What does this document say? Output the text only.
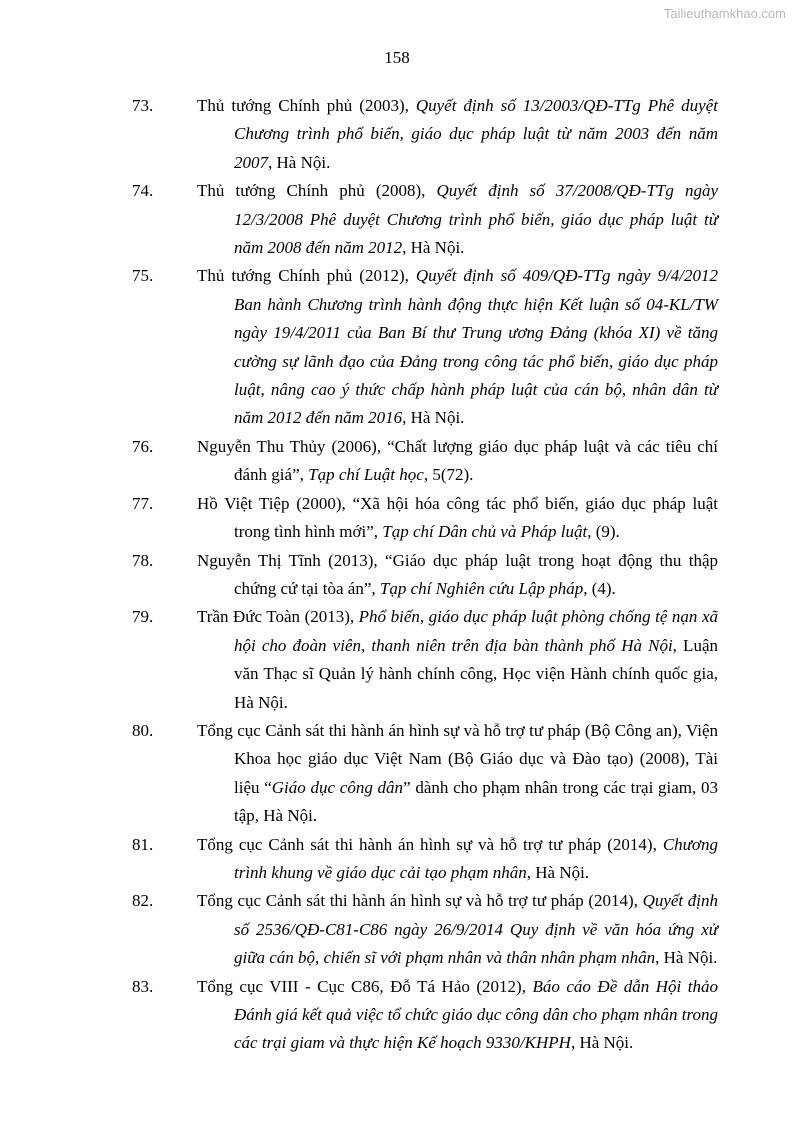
Tailieuthamkhao.com
158
73.	Thủ tướng Chính phủ (2003), Quyết định số 13/2003/QĐ-TTg Phê duyệt Chương trình phổ biến, giáo dục pháp luật từ năm 2003 đến năm 2007, Hà Nội.
74.	Thủ tướng Chính phủ (2008), Quyết định số 37/2008/QĐ-TTg ngày 12/3/2008 Phê duyệt Chương trình phổ biến, giáo dục pháp luật từ năm 2008 đến năm 2012, Hà Nội.
75.	Thủ tướng Chính phủ (2012), Quyết định số 409/QĐ-TTg ngày 9/4/2012 Ban hành Chương trình hành động thực hiện Kết luận số 04-KL/TW ngày 19/4/2011 của Ban Bí thư Trung ương Đảng (khóa XI) về tăng cường sự lãnh đạo của Đảng trong công tác phổ biến, giáo dục pháp luật, nâng cao ý thức chấp hành pháp luật của cán bộ, nhân dân từ năm 2012 đến năm 2016, Hà Nội.
76.	Nguyễn Thu Thủy (2006), “Chất lượng giáo dục pháp luật và các tiêu chí đánh giá”, Tạp chí Luật học, 5(72).
77.	Hồ Việt Tiệp (2000), “Xã hội hóa công tác phổ biến, giáo dục pháp luật trong tình hình mới”, Tạp chí Dân chủ và Pháp luật, (9).
78.	Nguyễn Thị Tĩnh (2013), “Giáo dục pháp luật trong hoạt động thu thập chứng cứ tại tòa án”, Tạp chí Nghiên cứu Lập pháp, (4).
79.	Trần Đức Toàn (2013), Phổ biến, giáo dục pháp luật phòng chống tệ nạn xã hội cho đoàn viên, thanh niên trên địa bàn thành phố Hà Nội, Luận văn Thạc sĩ Quản lý hành chính công, Học viện Hành chính quốc gia, Hà Nội.
80.	Tổng cục Cảnh sát thi hành án hình sự và hỗ trợ tư pháp (Bộ Công an), Viện Khoa học giáo dục Việt Nam (Bộ Giáo dục và Đào tạo) (2008), Tài liệu “Giáo dục công dân” dành cho phạm nhân trong các trại giam, 03 tập, Hà Nội.
81.	Tổng cục Cảnh sát thi hành án hình sự và hỗ trợ tư pháp (2014), Chương trình khung về giáo dục cải tạo phạm nhân, Hà Nội.
82.	Tổng cục Cảnh sát thi hành án hình sự và hỗ trợ tư pháp (2014), Quyết định số 2536/QĐ-C81-C86 ngày 26/9/2014 Quy định về văn hóa ứng xử giữa cán bộ, chiến sĩ với phạm nhân và thân nhân phạm nhân, Hà Nội.
83.	Tổng cục VIII - Cục C86, Đỗ Tá Hảo (2012), Báo cáo Đề dẫn Hội thảo Đánh giá kết quả việc tổ chức giáo dục công dân cho phạm nhân trong các trại giam và thực hiện Kế hoạch 9330/KHPH, Hà Nội.
